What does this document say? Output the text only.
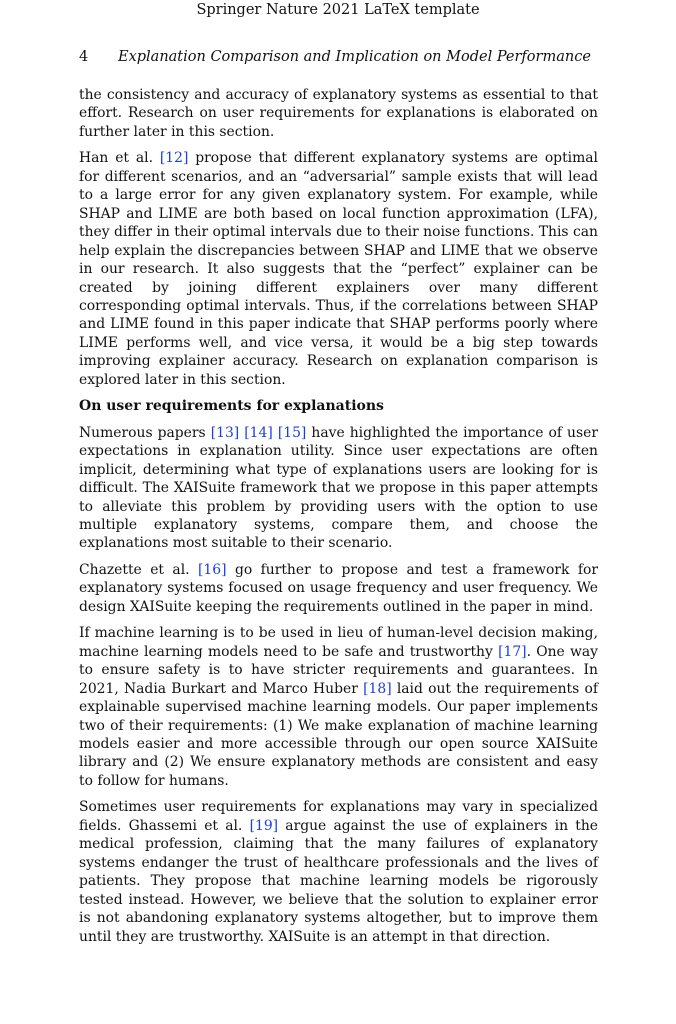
Springer Nature 2021 LaTeX template
4 Explanation Comparison and Implication on Model Performance

the consistency and accuracy of explanatory systems as essential to that effort. Research on user requirements for explanations is elaborated on further later in this section.

Han et al. [12] propose that different explanatory systems are optimal for different scenarios, and an “adversarial” sample exists that will lead to a large error for any given explanatory system. For example, while SHAP and LIME are both based on local function approximation (LFA), they differ in their optimal intervals due to their noise functions. This can help explain the discrepancies between SHAP and LIME that we observe in our research. It also suggests that the “perfect” explainer can be created by joining different explainers over many different corresponding optimal intervals. Thus, if the correlations between SHAP and LIME found in this paper indicate that SHAP performs poorly where LIME performs well, and vice versa, it would be a big step towards improving explainer accuracy. Research on explanation comparison is explored later in this section.

On user requirements for explanations

Numerous papers [13] [14] [15] have highlighted the importance of user expectations in explanation utility. Since user expectations are often implicit, determining what type of explanations users are looking for is difficult. The XAISuite framework that we propose in this paper attempts to alleviate this problem by providing users with the option to use multiple explanatory systems, compare them, and choose the explanations most suitable to their scenario.

Chazette et al. [16] go further to propose and test a framework for explanatory systems focused on usage frequency and user frequency. We design XAISuite keeping the requirements outlined in the paper in mind.

If machine learning is to be used in lieu of human-level decision making, machine learning models need to be safe and trustworthy [17]. One way to ensure safety is to have stricter requirements and guarantees. In 2021, Nadia Burkart and Marco Huber [18] laid out the requirements of explainable supervised machine learning models. Our paper implements two of their requirements: (1) We make explanation of machine learning models easier and more accessible through our open source XAISuite library and (2) We ensure explanatory methods are consistent and easy to follow for humans.

Sometimes user requirements for explanations may vary in specialized fields. Ghassemi et al. [19] argue against the use of explainers in the medical profession, claiming that the many failures of explanatory systems endanger the trust of healthcare professionals and the lives of patients. They propose that machine learning models be rigorously tested instead. However, we believe that the solution to explainer error is not abandoning explanatory systems altogether, but to improve them until they are trustworthy. XAISuite is an attempt in that direction.
